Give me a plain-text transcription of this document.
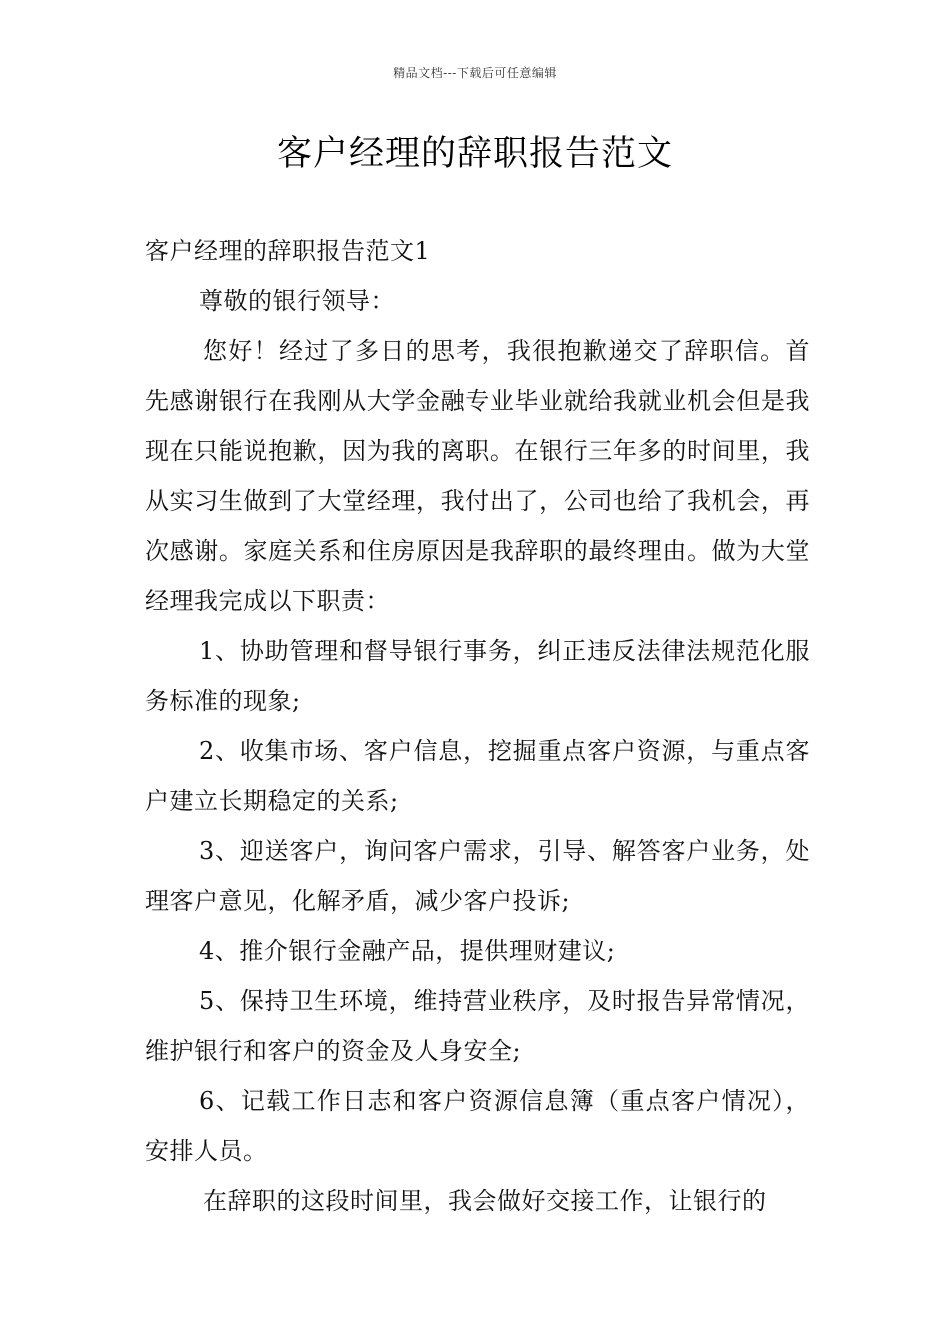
精品文档---下载后可任意编辑
客户经理的辞职报告范文

客户经理的辞职报告范文1

尊敬的银行领导：

您好！经过了多日的思考，我很抱歉递交了辞职信。首先感谢银行在我刚从大学金融专业毕业就给我就业机会但是我现在只能说抱歉，因为我的离职。在银行三年多的时间里，我从实习生做到了大堂经理，我付出了，公司也给了我机会，再次感谢。家庭关系和住房原因是我辞职的最终理由。做为大堂经理我完成以下职责：

1、协助管理和督导银行事务，纠正违反法律法规范化服务标准的现象;

2、收集市场、客户信息，挖掘重点客户资源，与重点客户建立长期稳定的关系;

3、迎送客户，询问客户需求，引导、解答客户业务，处理客户意见，化解矛盾，减少客户投诉;

4、推介银行金融产品，提供理财建议;

5、保持卫生环境，维持营业秩序，及时报告异常情况，维护银行和客户的资金及人身安全;

6、记载工作日志和客户资源信息簿（重点客户情况），安排人员。

在辞职的这段时间里，我会做好交接工作，让银行的
